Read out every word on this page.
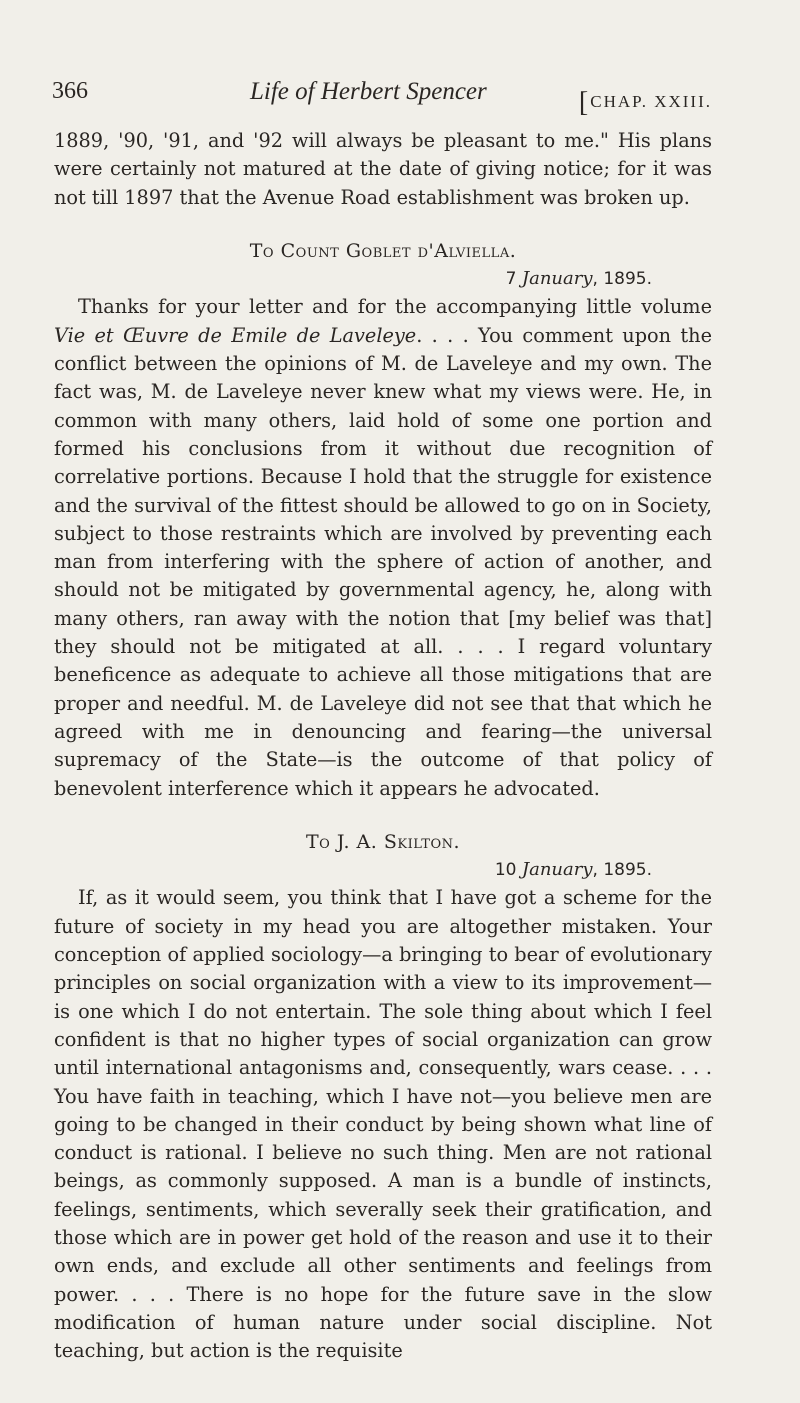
366	Life of Herbert Spencer	[ CHAP. XXIII.

1889, '90, '91, and '92 will always be pleasant to me." His plans were certainly not matured at the date of giving notice; for it was not till 1897 that the Avenue Road establishment was broken up.

To Count Goblet d'Alviella.

7 January, 1895.

Thanks for your letter and for the accompanying little volume Vie et Œuvre de Emile de Laveleye. . . . You comment upon the conflict between the opinions of M. de Laveleye and my own. The fact was, M. de Laveleye never knew what my views were. He, in common with many others, laid hold of some one portion and formed his conclusions from it without due recognition of correlative portions. Because I hold that the struggle for existence and the survival of the fittest should be allowed to go on in Society, subject to those restraints which are involved by preventing each man from interfering with the sphere of action of another, and should not be mitigated by governmental agency, he, along with many others, ran away with the notion that [my belief was that] they should not be mitigated at all. . . . I regard voluntary beneficence as adequate to achieve all those mitigations that are proper and needful. M. de Laveleye did not see that that which he agreed with me in denouncing and fearing—the universal supremacy of the State—is the outcome of that policy of benevolent interference which it appears he advocated.

To J. A. Skilton.

10 January, 1895.

If, as it would seem, you think that I have got a scheme for the future of society in my head you are altogether mistaken. Your conception of applied sociology—a bringing to bear of evolutionary principles on social organization with a view to its improvement—is one which I do not entertain. The sole thing about which I feel confident is that no higher types of social organization can grow until international antagonisms and, consequently, wars cease. . . . You have faith in teaching, which I have not—you believe men are going to be changed in their conduct by being shown what line of conduct is rational. I believe no such thing. Men are not rational beings, as commonly supposed. A man is a bundle of instincts, feelings, sentiments, which severally seek their gratification, and those which are in power get hold of the reason and use it to their own ends, and exclude all other sentiments and feelings from power. . . . There is no hope for the future save in the slow modification of human nature under social discipline. Not teaching, but action is the requisite
